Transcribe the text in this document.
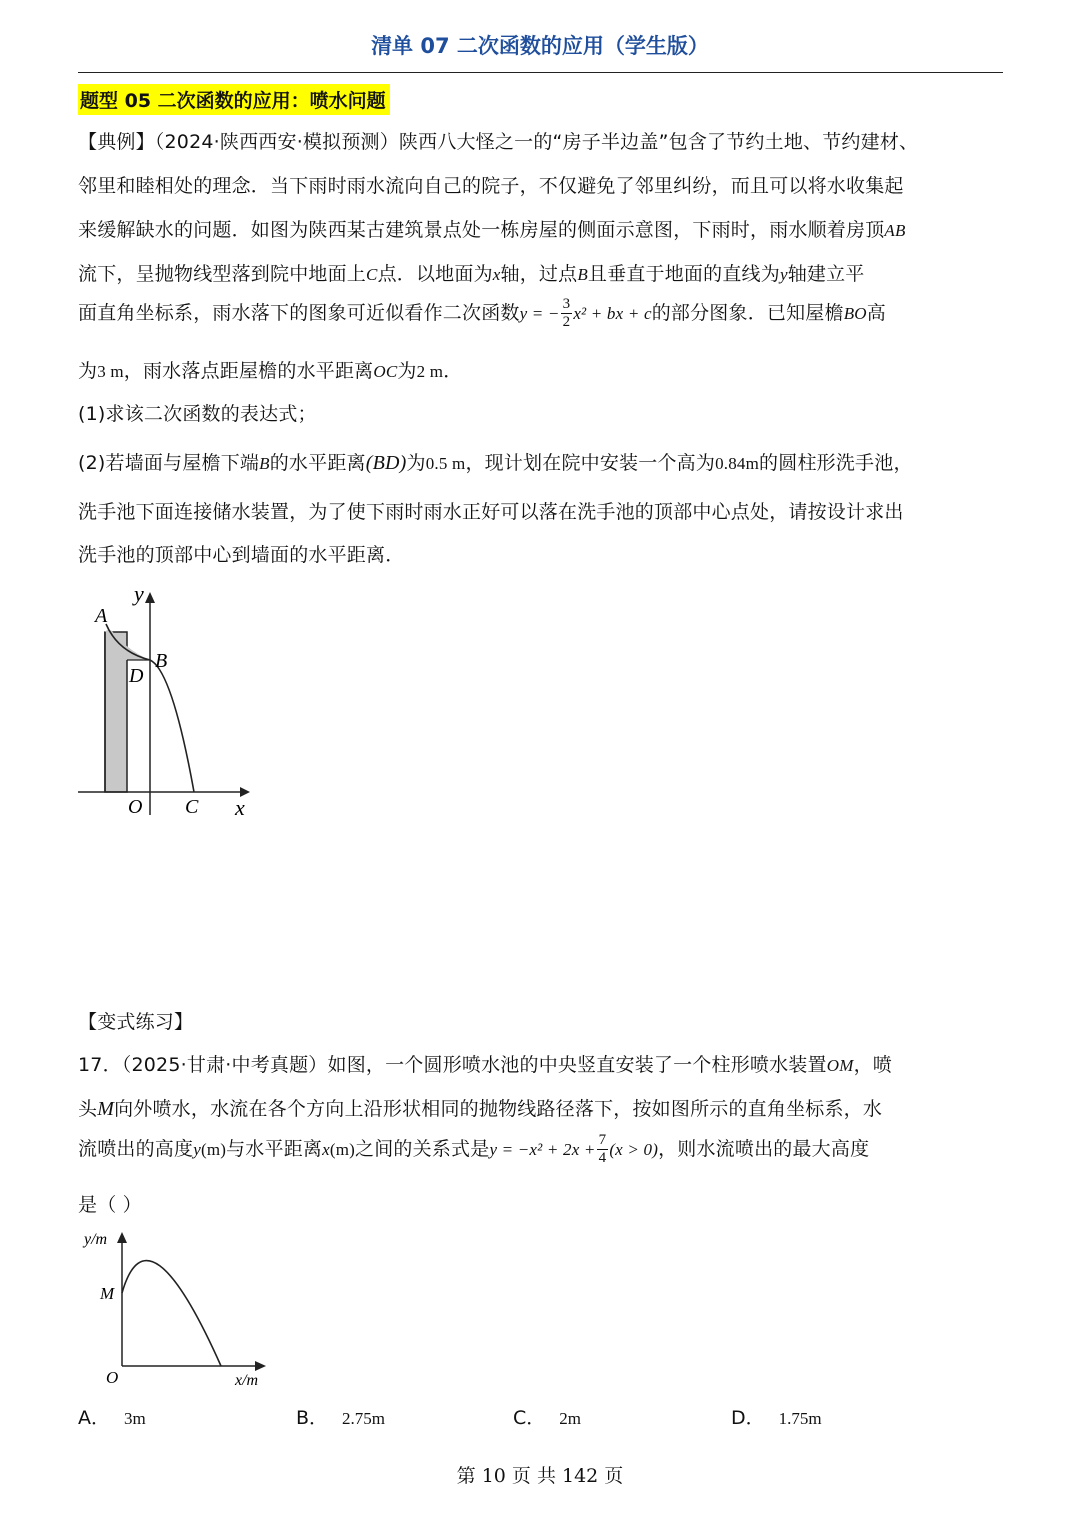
清单 07 二次函数的应用（学生版）
题型 05 二次函数的应用：喷水问题
【典例】（2024·陕西西安·模拟预测）陕西八大怪之一的“房子半边盖”包含了节约土地、节约建材、
邻里和睦相处的理念．当下雨时雨水流向自己的院子，不仅避免了邻里纠纷，而且可以将水收集起
来缓解缺水的问题．如图为陕西某古建筑景点处一栋房屋的侧面示意图，下雨时，雨水顺着房顶AB
流下，呈抛物线型落到院中地面上C点．以地面为x轴，过点B且垂直于地面的直线为y轴建立平
面直角坐标系，雨水落下的图象可近似看作二次函数y = − $\frac{3}{2} x^2$ + bx + c的部分图象．已知屋檐BO高
为3 m，雨水落点距屋檐的水平距离OC为2 m．
(1)求该二次函数的表达式；
(2)若墙面与屋檐下端B的水平距离(BD)为0.5 m，现计划在院中安装一个高为0.84m的圆柱形洗手池，
洗手池下面连接储水装置，为了使下雨时雨水正好可以落在洗手池的顶部中心点处，请按设计求出
洗手池的顶部中心到墙面的水平距离．
y
A
B
D
O C x
【变式练习】
17．（2025·甘肃·中考真题）如图，一个圆形喷水池的中央竖直安装了一个柱形喷水装置OM，喷
头M向外喷水，水流在各个方向上沿形状相同的抛物线路径落下，按如图所示的直角坐标系，水
流喷出的高度y(m)与水平距离x(m)之间的关系式是$y = -x^2 + 2x + \frac{7}{4} (x > 0)$，则水流喷出的最大高度
是（ ）
y/m
M
O	x/m
A． 3m	B． 2.75m	C． 2m	D． 1.75m
第 10 页 共 142 页
